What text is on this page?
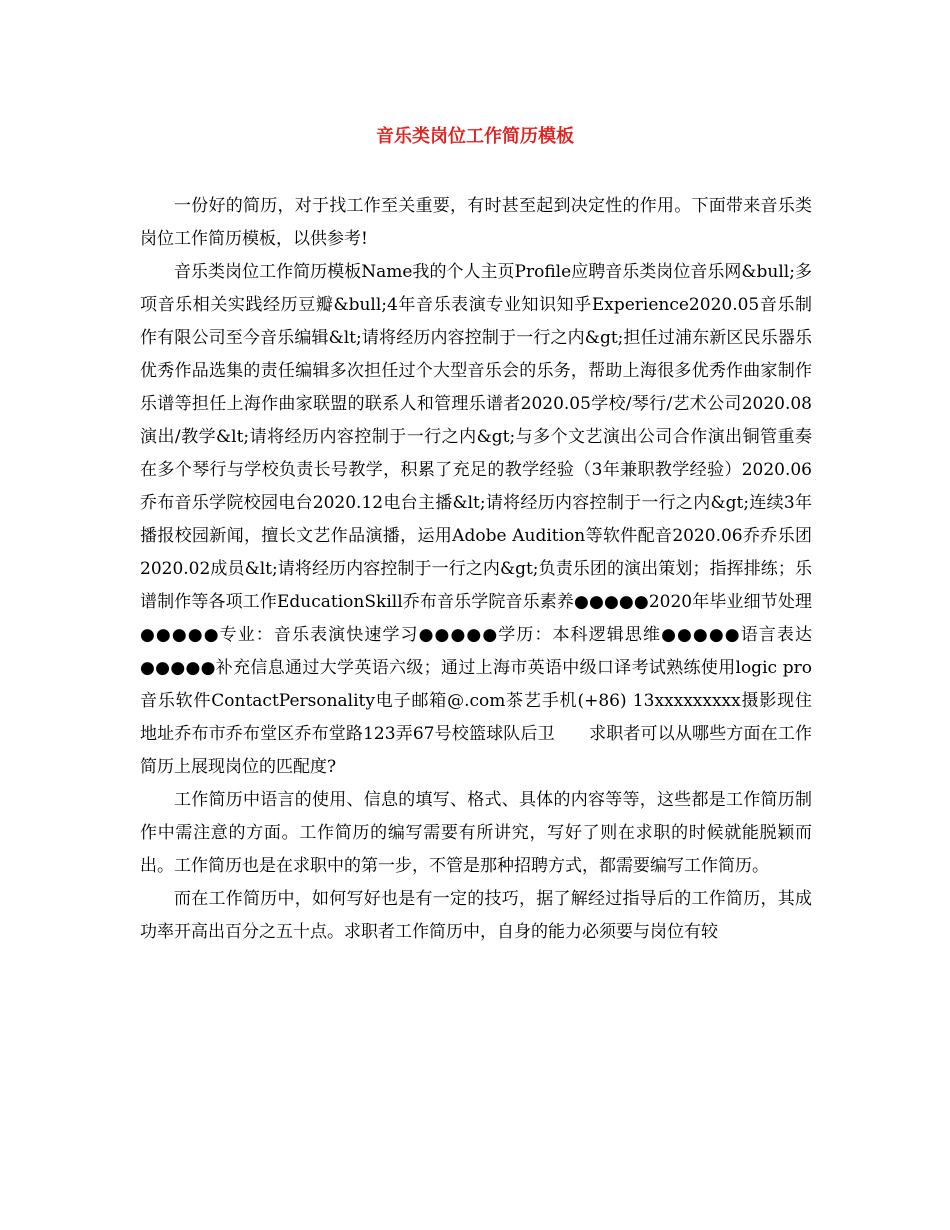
音乐类岗位工作简历模板

一份好的简历，对于找工作至关重要，有时甚至起到决定性的作用。下面带来音乐类岗位工作简历模板，以供参考!

音乐类岗位工作简历模板Name我的个人主页Profile应聘音乐类岗位音乐网&bull;多项音乐相关实践经历豆瓣&bull;4年音乐表演专业知识知乎Experience2020.05音乐制作有限公司至今音乐编辑&lt;请将经历内容控制于一行之内&gt;担任过浦东新区民乐器乐优秀作品选集的责任编辑多次担任过个大型音乐会的乐务，帮助上海很多优秀作曲家制作乐谱等担任上海作曲家联盟的联系人和管理乐谱者2020.05学校/琴行/艺术公司2020.08演出/教学&lt;请将经历内容控制于一行之内&gt;与多个文艺演出公司合作演出铜管重奏在多个琴行与学校负责长号教学，积累了充足的教学经验（3年兼职教学经验）2020.06乔布音乐学院校园电台2020.12电台主播&lt;请将经历内容控制于一行之内&gt;连续3年播报校园新闻，擅长文艺作品演播，运用Adobe Audition等软件配音2020.06乔乔乐团2020.02成员&lt;请将经历内容控制于一行之内&gt;负责乐团的演出策划；指挥排练；乐谱制作等各项工作EducationSkill乔布音乐学院音乐素养●●●●●2020年毕业细节处理●●●●●专业：音乐表演快速学习●●●●●学历：本科逻辑思维●●●●●语言表达●●●●●补充信息通过大学英语六级；通过上海市英语中级口译考试熟练使用logic pro音乐软件ContactPersonality电子邮箱@.com茶艺手机(+86) 13xxxxxxxxx摄影现住地址乔布市乔布堂区乔布堂路123弄67号校篮球队后卫　　求职者可以从哪些方面在工作简历上展现岗位的匹配度?

工作简历中语言的使用、信息的填写、格式、具体的内容等等，这些都是工作简历制作中需注意的方面。工作简历的编写需要有所讲究，写好了则在求职的时候就能脱颖而出。工作简历也是在求职中的第一步，不管是那种招聘方式，都需要编写工作简历。

而在工作简历中，如何写好也是有一定的技巧，据了解经过指导后的工作简历，其成功率开高出百分之五十点。求职者工作简历中，自身的能力必须要与岗位有较
